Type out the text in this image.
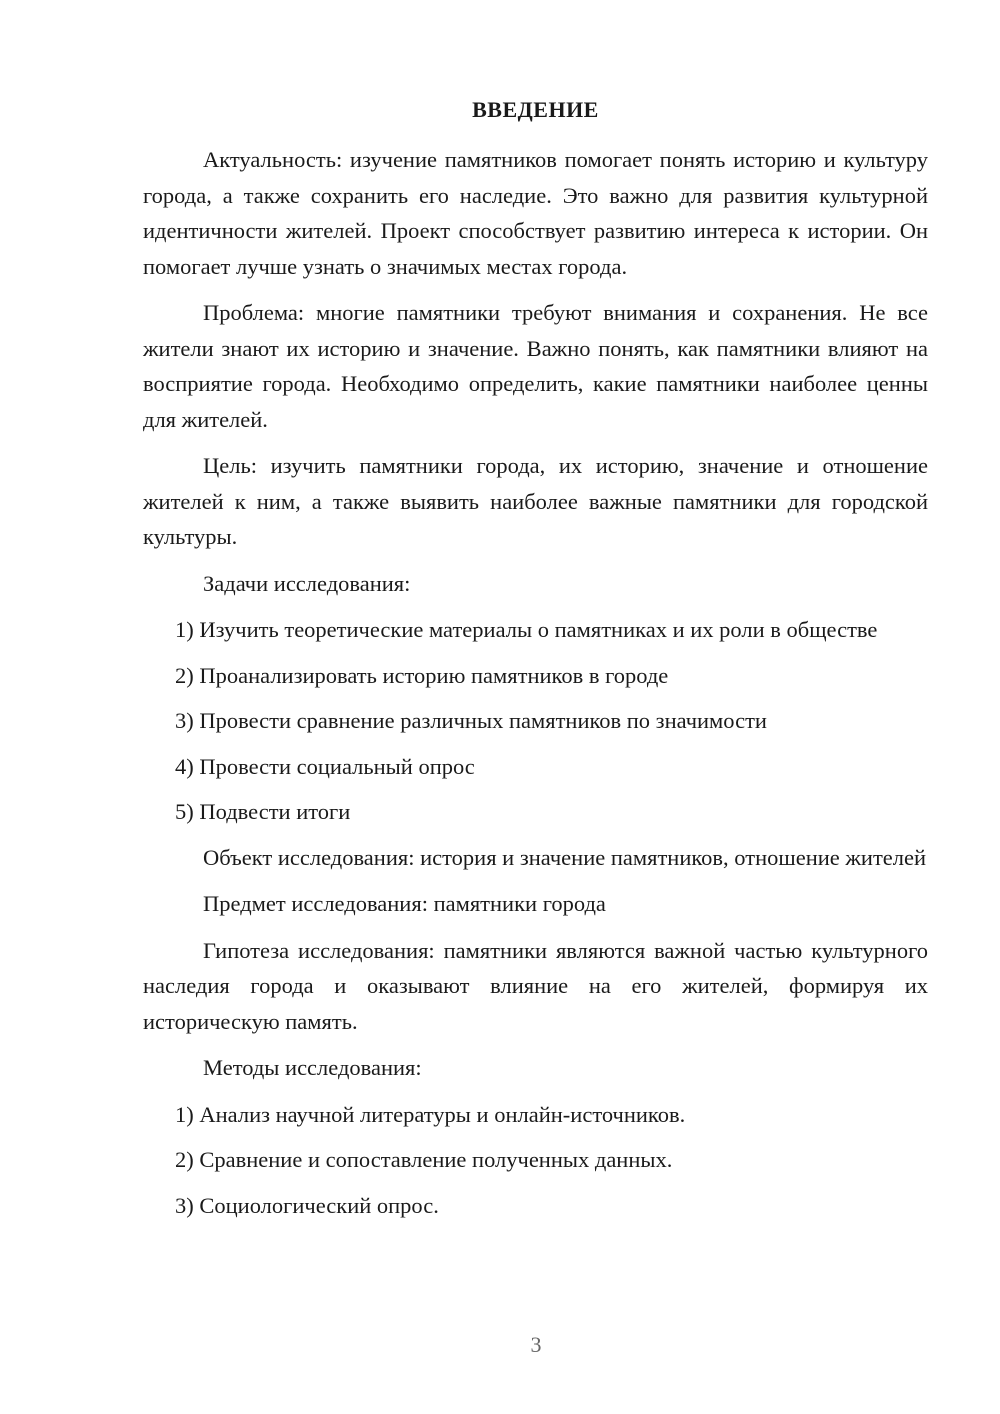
ВВЕДЕНИЕ

Актуальность: изучение памятников помогает понять историю и культуру города, а также сохранить его наследие. Это важно для развития культурной идентичности жителей. Проект способствует развитию интереса к истории. Он помогает лучше узнать о значимых местах города.

Проблема: многие памятники требуют внимания и сохранения. Не все жители знают их историю и значение. Важно понять, как памятники влияют на восприятие города. Необходимо определить, какие памятники наиболее ценны для жителей.

Цель: изучить памятники города, их историю, значение и отношение жителей к ним, а также выявить наиболее важные памятники для городской культуры.

Задачи исследования:

1) Изучить теоретические материалы о памятниках и их роли в обществе

2) Проанализировать историю памятников в городе

3) Провести сравнение различных памятников по значимости

4) Провести социальный опрос

5) Подвести итоги

Объект исследования: история и значение памятников, отношение жителей

Предмет исследования: памятники города

Гипотеза исследования: памятники являются важной частью культурного наследия города и оказывают влияние на его жителей, формируя их историческую память.

Методы исследования:

1) Анализ научной литературы и онлайн-источников.

2) Сравнение и сопоставление полученных данных.

3) Социологический опрос.

3
